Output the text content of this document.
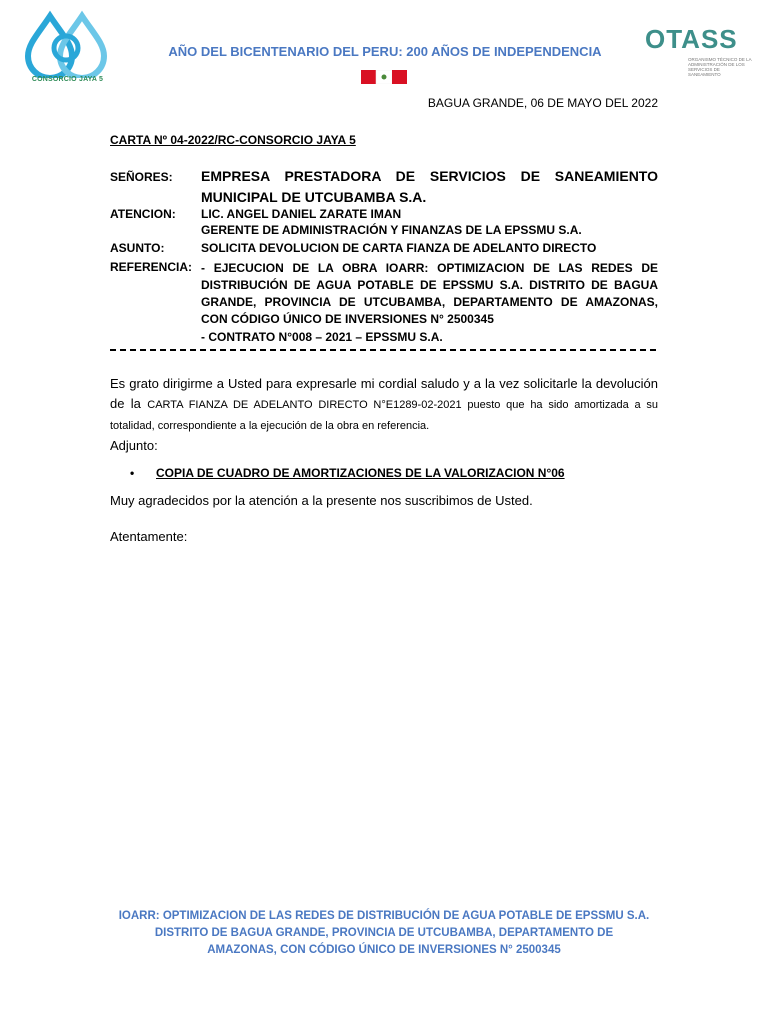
CONSORCIO JAYA 5
AÑO DEL BICENTENARIO DEL PERU: 200 AÑOS DE INDEPENDENCIA	OTASS
ORGANISMO TÉCNICO DE LA ADMINISTRACIÓN DE LOS SERVICIOS DE SANEAMIENTO
BAGUA GRANDE, 06 DE MAYO DEL 2022
CARTA Nº 04-2022/RC-CONSORCIO JAYA 5
SEÑORES: EMPRESA PRESTADORA DE SERVICIOS DE SANEAMIENTO MUNICIPAL DE UTCUBAMBA S.A.
ATENCION: LIC. ANGEL DANIEL ZARATE IMAN
GERENTE DE ADMINISTRACIÓN Y FINANZAS DE LA EPSSMU S.A.
ASUNTO:	SOLICITA DEVOLUCION DE CARTA FIANZA DE ADELANTO DIRECTO
REFERENCIA: - EJECUCION DE LA OBRA IOARR: OPTIMIZACION DE LAS REDES DE DISTRIBUCIÓN DE AGUA POTABLE DE EPSSMU S.A. DISTRITO DE BAGUA GRANDE, PROVINCIA DE UTCUBAMBA, DEPARTAMENTO DE AMAZONAS, CON CÓDIGO ÚNICO DE INVERSIONES N° 2500345
- CONTRATO N°008 – 2021 – EPSSMU S.A.
Es grato dirigirme a Usted para expresarle mi cordial saludo y a la vez solicitarle la devolución de la CARTA FIANZA DE ADELANTO DIRECTO N°E1289-02-2021 puesto que ha sido amortizada a su totalidad, correspondiente a la ejecución de la obra en referencia.
Adjunto:
• COPIA DE CUADRO DE AMORTIZACIONES DE LA VALORIZACION N°06
Muy agradecidos por la atención a la presente nos suscribimos de Usted.
Atentamente:
IOARR: OPTIMIZACION DE LAS REDES DE DISTRIBUCIÓN DE AGUA POTABLE DE EPSSMU S.A.
DISTRITO DE BAGUA GRANDE, PROVINCIA DE UTCUBAMBA, DEPARTAMENTO DE
AMAZONAS, CON CÓDIGO ÚNICO DE INVERSIONES N° 2500345
